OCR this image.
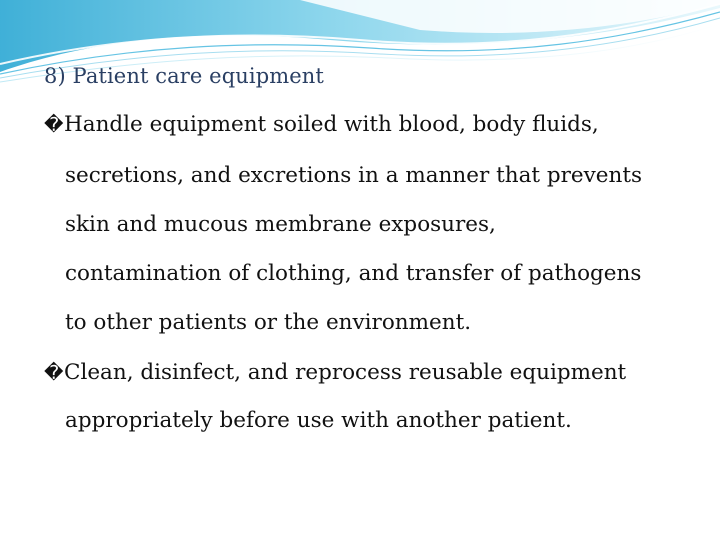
8) Patient care equipment
�Handle equipment soiled with blood, body fluids,
secretions, and excretions in a manner that prevents
skin and mucous membrane exposures,
contamination of clothing, and transfer of pathogens
to other patients or the environment.
�Clean, disinfect, and reprocess reusable equipment
appropriately before use with another patient.
